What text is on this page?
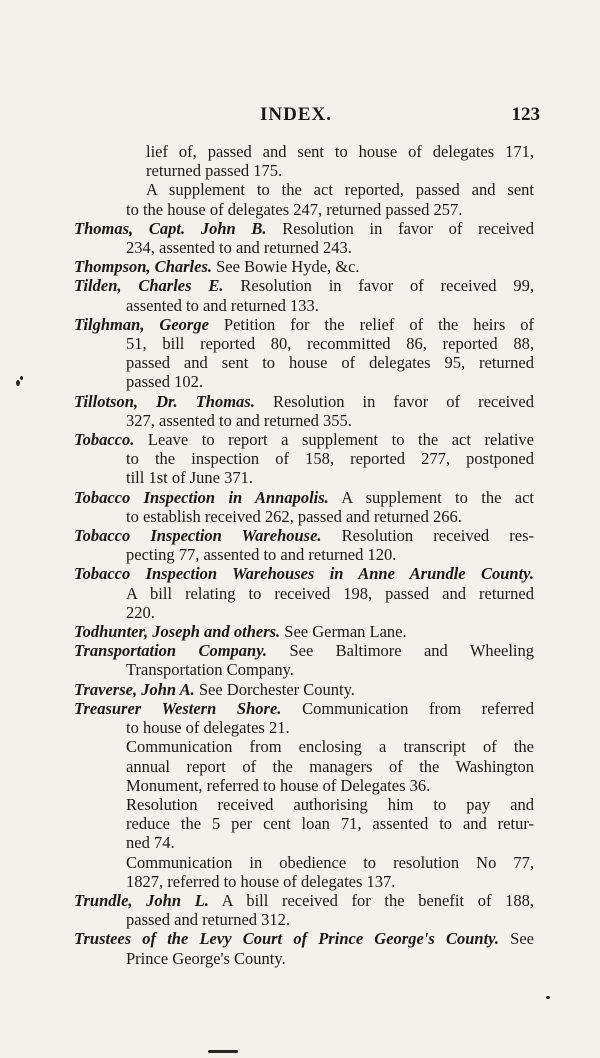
INDEX.	123
lief of, passed and sent to house of delegates 171,
returned passed 175.
A supplement to the act reported, passed and sent
to the house of delegates 247, returned passed 257.
Thomas, Capt. John B. Resolution in favor of received
234, assented to and returned 243.
Thompson, Charles. See Bowie Hyde, &c.
Tilden, Charles E. Resolution in favor of received 99,
assented to and returned 133.
Tilghman, George Petition for the relief of the heirs of
51, bill reported 80, recommitted 86, reported 88,
passed and sent to house of delegates 95, returned
passed 102.
Tillotson, Dr. Thomas. Resolution in favor of received
327, assented to and returned 355.
Tobacco. Leave to report a supplement to the act relative
to the inspection of 158, reported 277, postponed
till 1st of June 371.
Tobacco Inspection in Annapolis. A supplement to the act
to establish received 262, passed and returned 266.
Tobacco Inspection Warehouse. Resolution received res-
pecting 77, assented to and returned 120.
Tobacco Inspection Warehouses in Anne Arundle County.
A bill relating to received 198, passed and returned
220.
Todhunter, Joseph and others. See German Lane.
Transportation Company. See Baltimore and Wheeling
Transportation Company.
Traverse, John A. See Dorchester County.
Treasurer Western Shore. Communication from referred
to house of delegates 21.
Communication from enclosing a transcript of the
annual report of the managers of the Washington
Monument, referred to house of Delegates 36.
Resolution received authorising him to pay and
reduce the 5 per cent loan 71, assented to and retur-
ned 74.
Communication in obedience to resolution No 77,
1827, referred to house of delegates 137.
Trundle, John L. A bill received for the benefit of 188,
passed and returned 312.
Trustees of the Levy Court of Prince George's County. See
Prince George's County.
